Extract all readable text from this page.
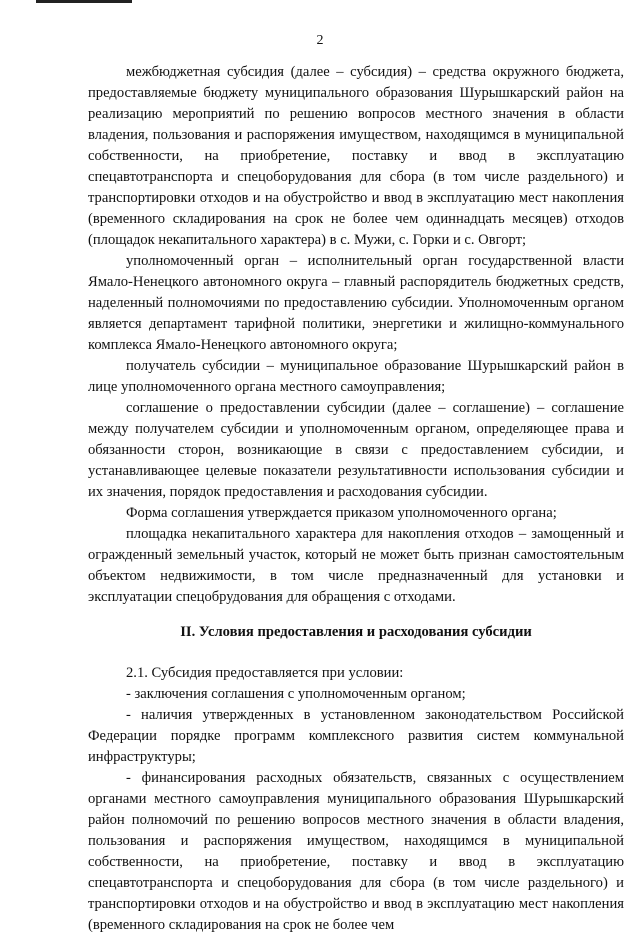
2

межбюджетная субсидия (далее – субсидия) – средства окружного бюджета, предоставляемые бюджету муниципального образования Шурышкарский район на реализацию мероприятий по решению вопросов местного значения в области владения, пользования и распоряжения имуществом, находящимся в муниципальной собственности, на приобретение, поставку и ввод в эксплуатацию спецавтотранспорта и спецоборудования для сбора (в том числе раздельного) и транспортировки отходов и на обустройство и ввод в эксплуатацию мест накопления (временного складирования на срок не более чем одиннадцать месяцев) отходов (площадок некапитального характера) в с. Мужи, с. Горки и с. Овгорт;

уполномоченный орган – исполнительный орган государственной власти Ямало-Ненецкого автономного округа – главный распорядитель бюджетных средств, наделенный полномочиями по предоставлению субсидии. Уполномоченным органом является департамент тарифной политики, энергетики и жилищно-коммунального комплекса Ямало-Ненецкого автономного округа;

получатель субсидии – муниципальное образование Шурышкарский район в лице уполномоченного органа местного самоуправления;

соглашение о предоставлении субсидии (далее – соглашение) – соглашение между получателем субсидии и уполномоченным органом, определяющее права и обязанности сторон, возникающие в связи с предоставлением субсидии, и устанавливающее целевые показатели результативности использования субсидии и их значения, порядок предоставления и расходования субсидии.

Форма соглашения утверждается приказом уполномоченного органа;

площадка некапитального характера для накопления отходов – замощенный и огражденный земельный участок, который не может быть признан самостоятельным объектом недвижимости, в том числе предназначенный для установки и эксплуатации спецобрудования для обращения с отходами.

II. Условия предоставления и расходования субсидии

2.1. Субсидия предоставляется при условии:

- заключения соглашения с уполномоченным органом;
- наличия утвержденных в установленном законодательством Российской Федерации порядке программ комплексного развития систем коммунальной инфраструктуры;
- финансирования расходных обязательств, связанных с осуществлением органами местного самоуправления муниципального образования Шурышкарский район полномочий по решению вопросов местного значения в области владения, пользования и распоряжения имуществом, находящимся в муниципальной собственности, на приобретение, поставку и ввод в эксплуатацию спецавтотранспорта и спецоборудования для сбора (в том числе раздельного) и транспортировки отходов и на обустройство и ввод в эксплуатацию мест накопления (временного складирования на срок не более чем
